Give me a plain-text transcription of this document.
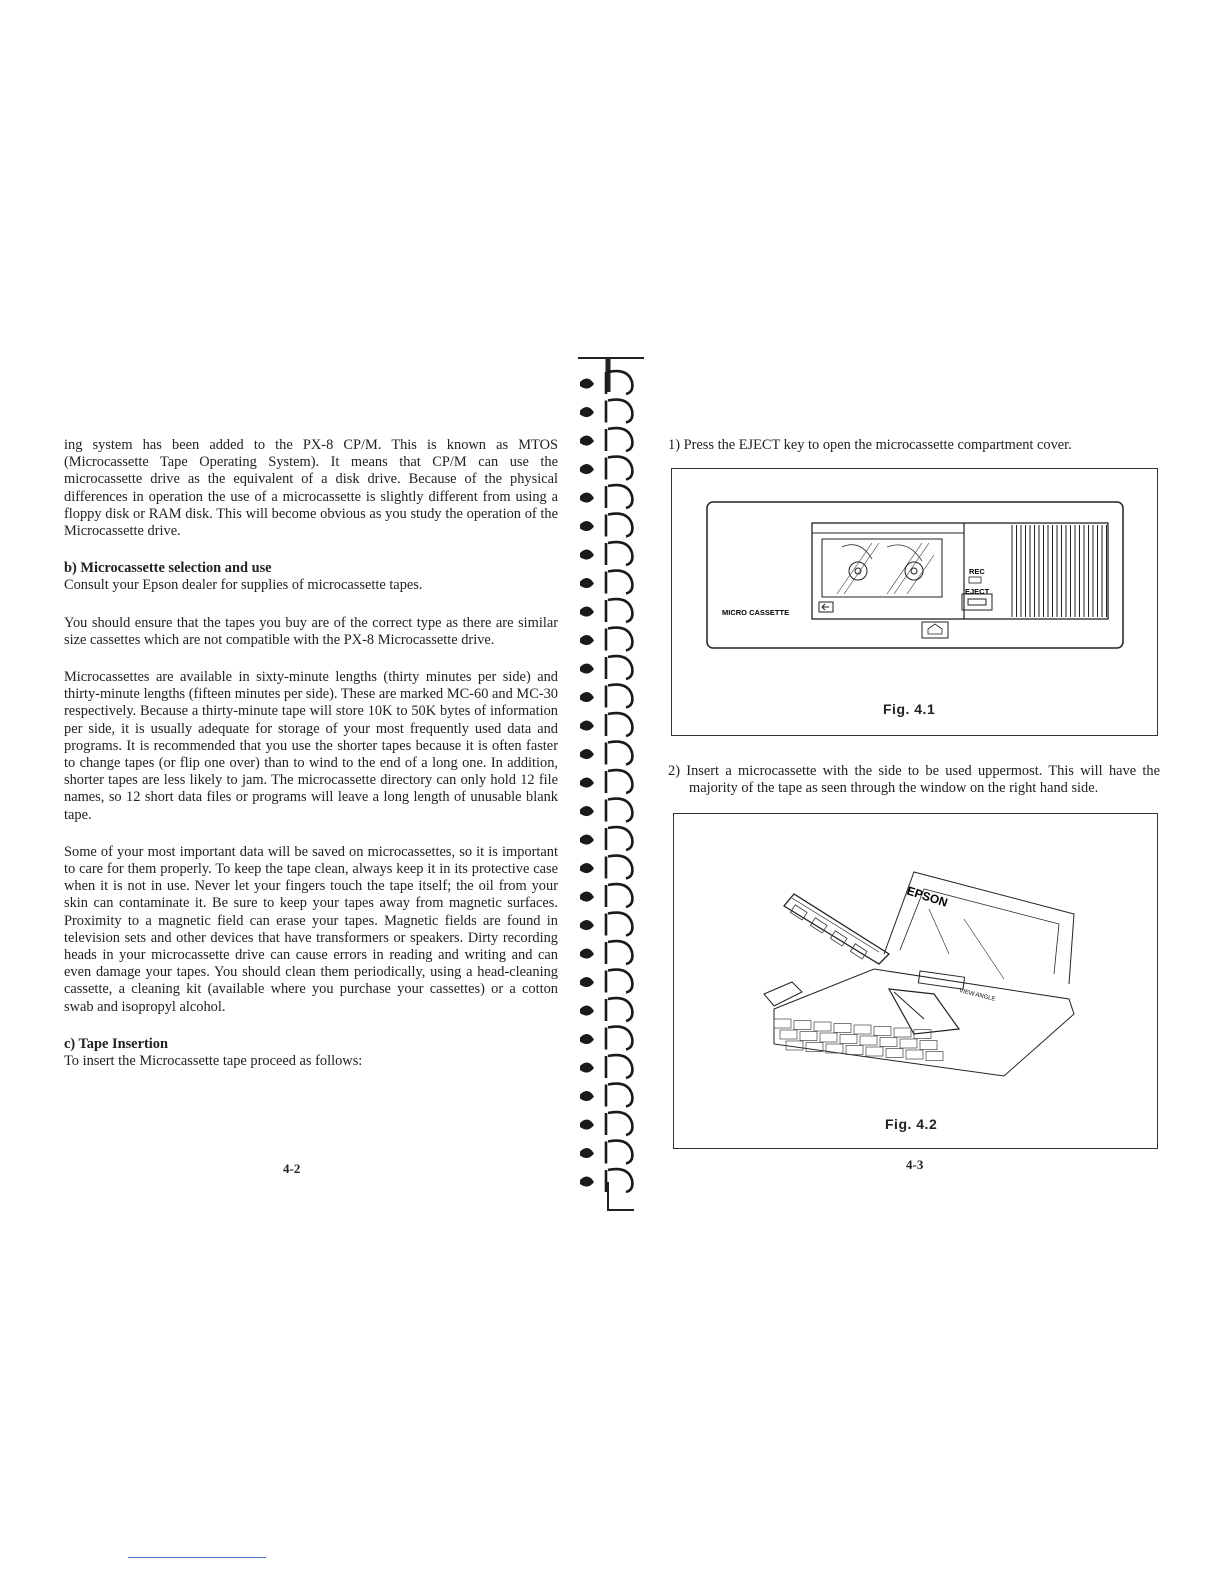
ing system has been added to the PX-8 CP/M. This is known as MTOS (Microcassette Tape Operating System). It means that CP/M can use the microcassette drive as the equivalent of a disk drive. Because of the physical differences in operation the use of a microcassette is slightly different from using a floppy disk or RAM disk. This will become obvious as you study the operation of the Microcassette drive.

b) Microcassette selection and use

Consult your Epson dealer for supplies of microcassette tapes.

You should ensure that the tapes you buy are of the correct type as there are similar size cassettes which are not compatible with the PX-8 Microcassette drive.

Microcassettes are available in sixty-minute lengths (thirty minutes per side) and thirty-minute lengths (fifteen minutes per side). These are marked MC-60 and MC-30 respectively. Because a thirty-minute tape will store 10K to 50K bytes of information per side, it is usually adequate for storage of your most frequently used data and programs. It is recommended that you use the shorter tapes because it is often faster to change tapes (or flip one over) than to wind to the end of a long one. In addition, shorter tapes are less likely to jam. The microcassette directory can only hold 12 file names, so 12 short data files or programs will leave a long length of unusable blank tape.

Some of your most important data will be saved on microcassettes, so it is important to care for them properly. To keep the tape clean, always keep it in its protective case when it is not in use. Never let your fingers touch the tape itself; the oil from your skin can contaminate it. Be sure to keep your tapes away from magnetic surfaces. Proximity to a magnetic field can erase your tapes. Magnetic fields are found in television sets and other devices that have transformers or speakers. Dirty recording heads in your microcassette drive can cause errors in reading and writing and can even damage your tapes. You should clean them periodically, using a head-cleaning cassette, a cleaning kit (available where you purchase your cassettes) or a cotton swab and isopropyl alcohol.

c) Tape Insertion

To insert the Microcassette tape proceed as follows:

4-2

1) Press the EJECT key to open the microcassette compartment cover.

MICRO CASSETTE
REC
EJECT
Fig. 4.1

2) Insert a microcassette with the side to be used uppermost. This will have the majority of the tape as seen through the window on the right hand side.

EPSON
VIEW ANGLE
Fig. 4.2
4-3
